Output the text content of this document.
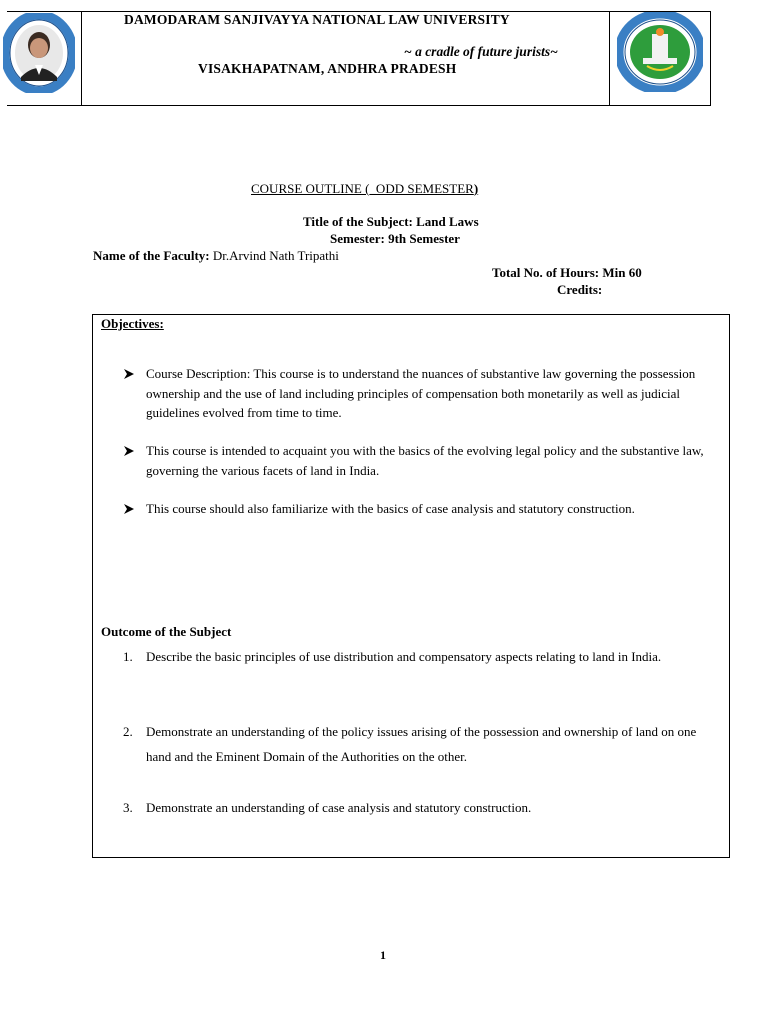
DAMODARAM SANJIVAYYA NATIONAL LAW UNIVERSITY
~ a cradle of future jurists~
VISAKHAPATNAM, ANDHRA PRADESH
COURSE OUTLINE (_ODD SEMESTER)
Title of the Subject: Land Laws
Semester: 9th Semester
Name of the Faculty: Dr.Arvind Nath Tripathi
Total No. of Hours: Min 60
Credits:
Objectives:
Course Description: This course is to understand the nuances of substantive law governing the possession ownership and the use of land including principles of compensation both monetarily as well as judicial guidelines evolved from time to time.
This course is intended to acquaint you with the basics of the evolving legal policy and the substantive law, governing the various facets of land in India.
This course should also familiarize with the basics of case analysis and statutory construction.
Outcome of the Subject
1. Describe the basic principles of use distribution and compensatory aspects relating to land in India.
2. Demonstrate an understanding of the policy issues arising of the possession and ownership of land on one hand and the Eminent Domain of the Authorities on the other.
3. Demonstrate an understanding of case analysis and statutory construction.
1
